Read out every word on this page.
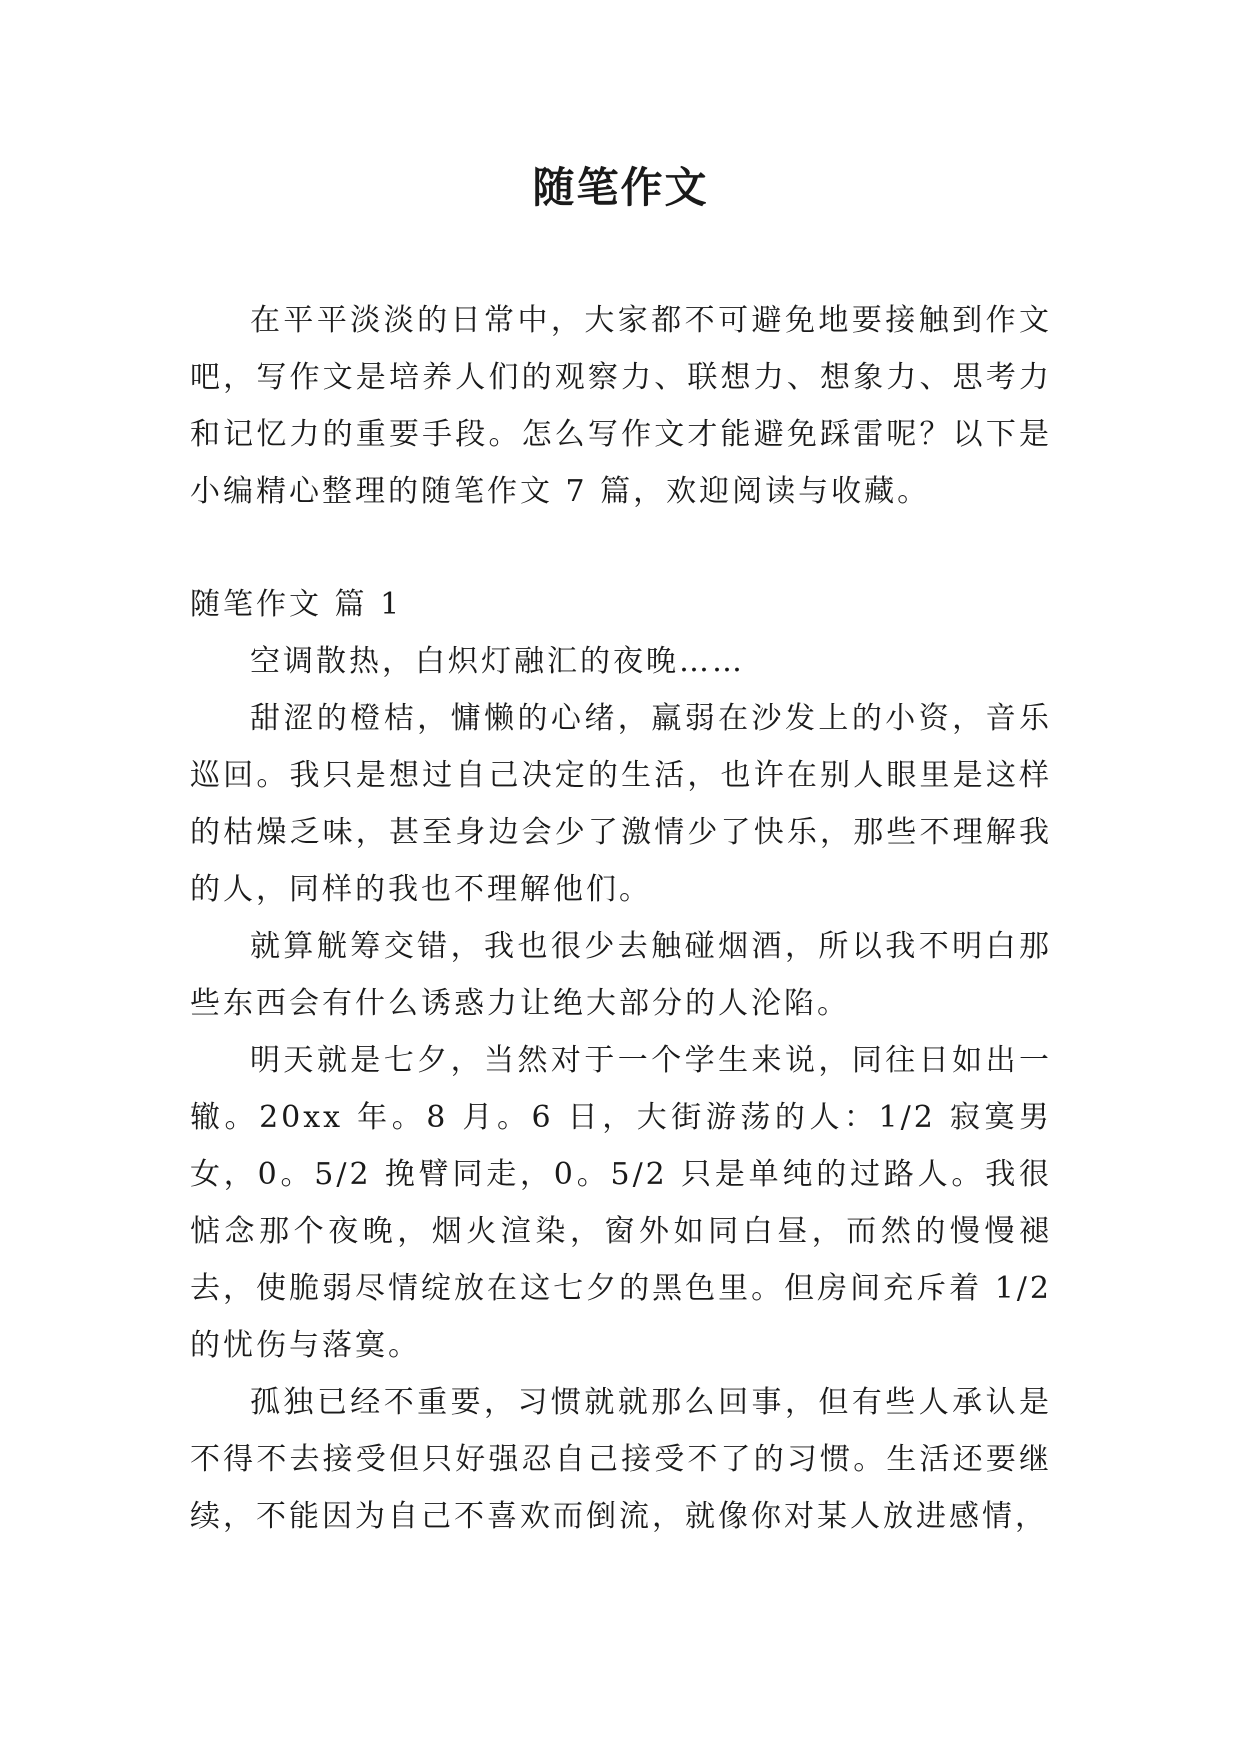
随笔作文

在平平淡淡的日常中，大家都不可避免地要接触到作文吧，写作文是培养人们的观察力、联想力、想象力、思考力和记忆力的重要手段。怎么写作文才能避免踩雷呢？以下是小编精心整理的随笔作文 7 篇，欢迎阅读与收藏。

随笔作文 篇 1

空调散热，白炽灯融汇的夜晚……

甜涩的橙桔，慵懒的心绪，羸弱在沙发上的小资，音乐巡回。我只是想过自己决定的生活，也许在别人眼里是这样的枯燥乏味，甚至身边会少了激情少了快乐，那些不理解我的人，同样的我也不理解他们。

就算觥筹交错，我也很少去触碰烟酒，所以我不明白那些东西会有什么诱惑力让绝大部分的人沦陷。

明天就是七夕，当然对于一个学生来说，同往日如出一辙。20xx 年。8 月。6 日，大街游荡的人：1/2 寂寞男女，0。5/2 挽臂同走，0。5/2 只是单纯的过路人。我很惦念那个夜晚，烟火渲染，窗外如同白昼，而然的慢慢褪去，使脆弱尽情绽放在这七夕的黑色里。但房间充斥着 1/2 的忧伤与落寞。

孤独已经不重要，习惯就就那么回事，但有些人承认是不得不去接受但只好强忍自己接受不了的习惯。生活还要继续，不能因为自己不喜欢而倒流，就像你对某人放进感情，
